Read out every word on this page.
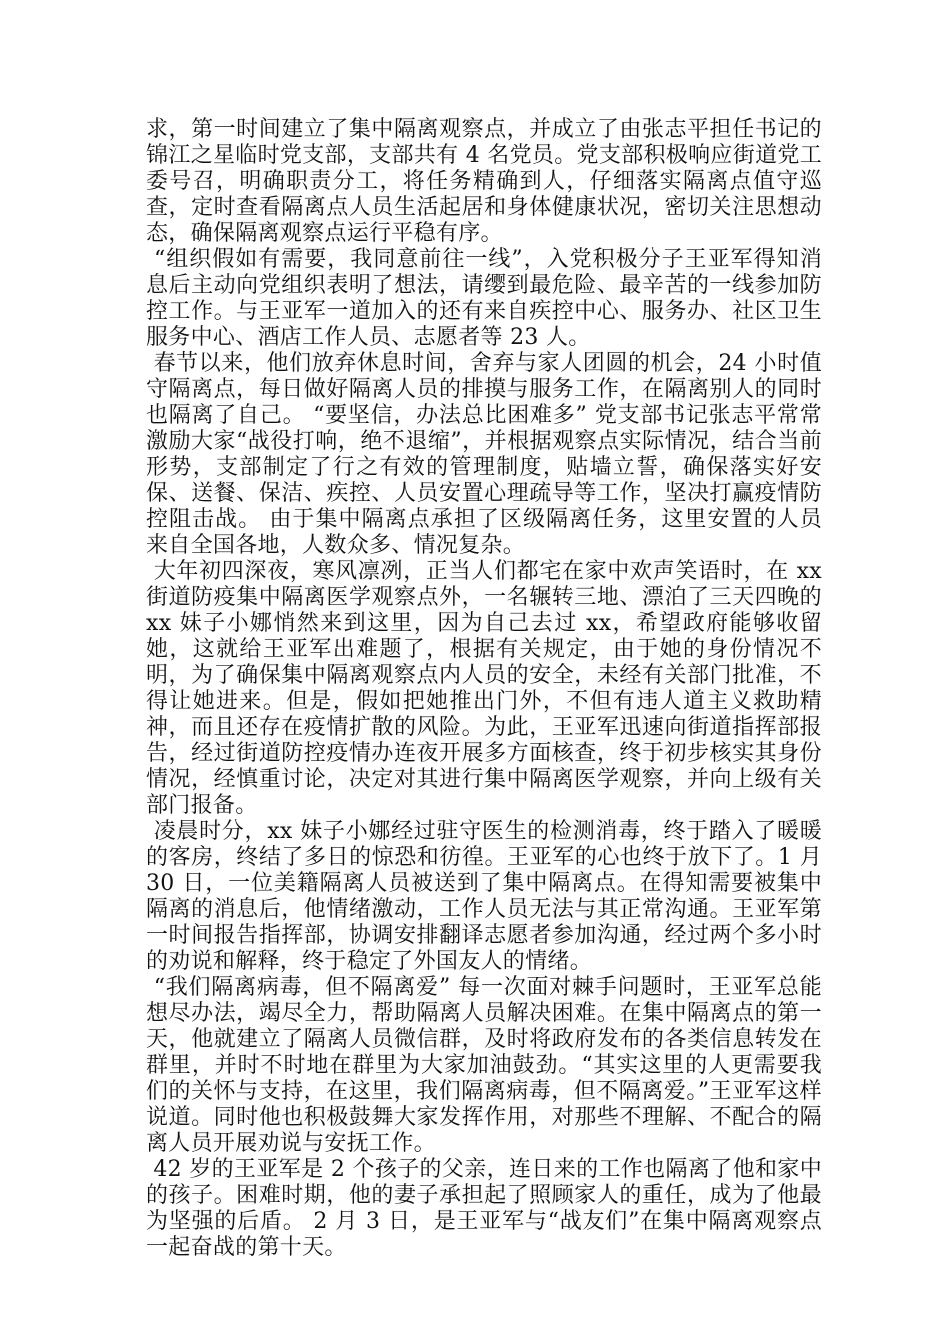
求，第一时间建立了集中隔离观察点，并成立了由张志平担任书记的锦江之星临时党支部，支部共有 4 名党员。党支部积极响应街道党工委号召，明确职责分工，将任务精确到人，仔细落实隔离点值守巡查，定时查看隔离点人员生活起居和身体健康状况，密切关注思想动态，确保隔离观察点运行平稳有序。

“组织假如有需要，我同意前往一线”，入党积极分子王亚军得知消息后主动向党组织表明了想法，请缨到最危险、最辛苦的一线参加防控工作。与王亚军一道加入的还有来自疾控中心、服务办、社区卫生服务中心、酒店工作人员、志愿者等 23 人。

春节以来，他们放弃休息时间，舍弃与家人团圆的机会，24 小时值守隔离点，每日做好隔离人员的排摸与服务工作，在隔离别人的同时也隔离了自己。 “要坚信，办法总比困难多” 党支部书记张志平常常激励大家“战役打响，绝不退缩”，并根据观察点实际情况，结合当前形势，支部制定了行之有效的管理制度，贴墙立誓，确保落实好安保、送餐、保洁、疾控、人员安置心理疏导等工作，坚决打赢疫情防控阻击战。 由于集中隔离点承担了区级隔离任务，这里安置的人员来自全国各地，人数众多、情况复杂。

大年初四深夜，寒风凛冽，正当人们都宅在家中欢声笑语时，在 xx 街道防疫集中隔离医学观察点外，一名辗转三地、漂泊了三天四晚的 xx 妹子小娜悄然来到这里，因为自己去过 xx，希望政府能够收留她，这就给王亚军出难题了，根据有关规定，由于她的身份情况不明，为了确保集中隔离观察点内人员的安全，未经有关部门批准，不得让她进来。但是，假如把她推出门外，不但有违人道主义救助精神，而且还存在疫情扩散的风险。为此，王亚军迅速向街道指挥部报告，经过街道防控疫情办连夜开展多方面核查，终于初步核实其身份情况，经慎重讨论，决定对其进行集中隔离医学观察，并向上级有关部门报备。

凌晨时分，xx 妹子小娜经过驻守医生的检测消毒，终于踏入了暖暖的客房，终结了多日的惊恐和彷徨。王亚军的心也终于放下了。1 月 30 日，一位美籍隔离人员被送到了集中隔离点。在得知需要被集中隔离的消息后，他情绪激动，工作人员无法与其正常沟通。王亚军第一时间报告指挥部，协调安排翻译志愿者参加沟通，经过两个多小时的劝说和解释，终于稳定了外国友人的情绪。

“我们隔离病毒，但不隔离爱” 每一次面对棘手问题时，王亚军总能想尽办法，竭尽全力，帮助隔离人员解决困难。在集中隔离点的第一天，他就建立了隔离人员微信群，及时将政府发布的各类信息转发在群里，并时不时地在群里为大家加油鼓劲。“其实这里的人更需要我们的关怀与支持，在这里，我们隔离病毒，但不隔离爱。”王亚军这样说道。同时他也积极鼓舞大家发挥作用，对那些不理解、不配合的隔离人员开展劝说与安抚工作。

42 岁的王亚军是 2 个孩子的父亲，连日来的工作也隔离了他和家中的孩子。困难时期，他的妻子承担起了照顾家人的重任，成为了他最为坚强的后盾。 2 月 3 日，是王亚军与“战友们”在集中隔离观察点一起奋战的第十天。
